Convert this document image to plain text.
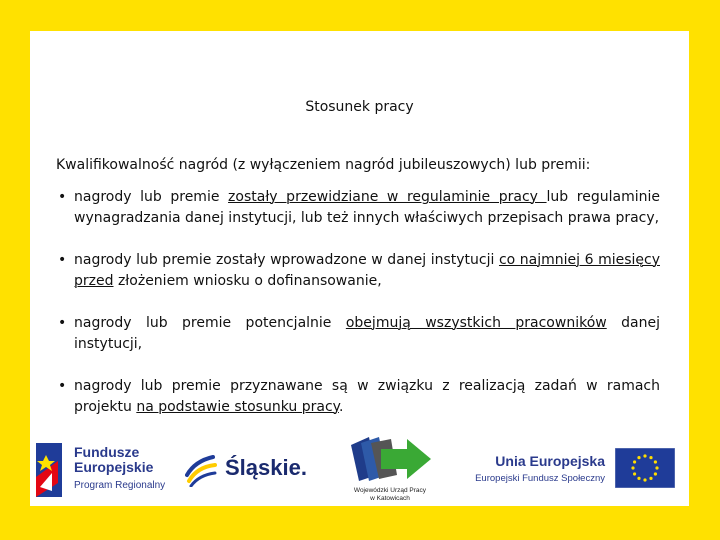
Stosunek pracy
Kwalifikowalność nagród (z wyłączeniem nagród jubileuszowych) lub premii:
• nagrody lub premie zostały przewidziane w regulaminie pracy lub regulaminie wynagradzania danej instytucji, lub też innych właściwych przepisach prawa pracy,
• nagrody lub premie zostały wprowadzone w danej instytucji co najmniej 6 miesięcy przed złożeniem wniosku o dofinansowanie,
• nagrody lub premie potencjalnie obejmują wszystkich pracowników danej instytucji,
• nagrody lub premie przyznawane są w związku z realizacją zadań w ramach projektu na podstawie stosunku pracy.
Fundusze
Europejskie
Program Regionalny
Śląskie.
Wojewódzki Urząd Pracy
w Katowicach
Unia Europejska
Europejski Fundusz Społeczny
